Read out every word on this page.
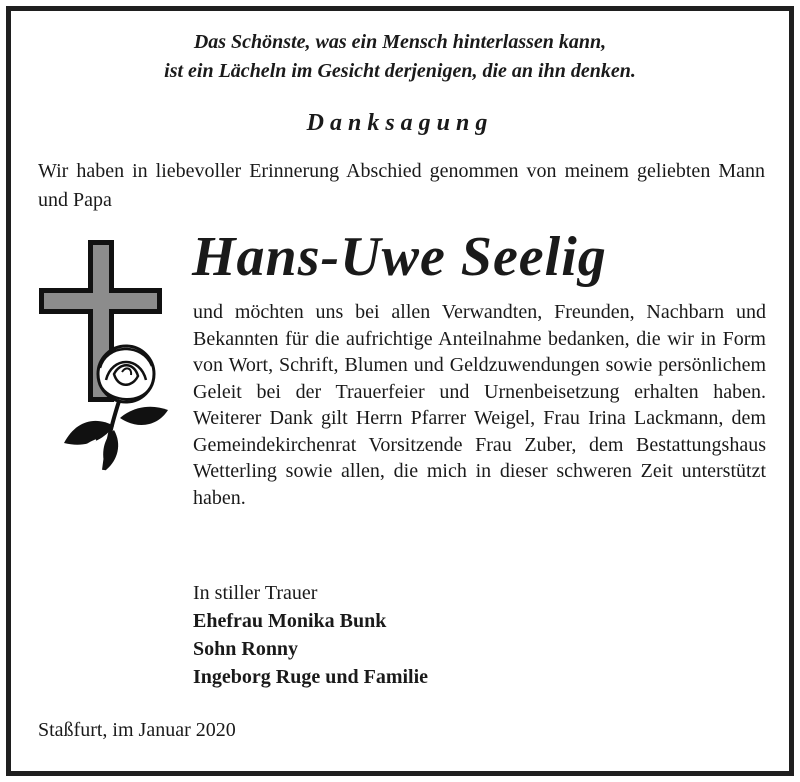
Das Schönste, was ein Mensch hinterlassen kann,
ist ein Lächeln im Gesicht derjenigen, die an ihn denken.
Danksagung
Wir haben in liebevoller Erinnerung Abschied genommen von meinem geliebten Mann und Papa
Hans-Uwe Seelig
und möchten uns bei allen Verwandten, Freunden, Nachbarn und Bekannten für die aufrichtige Anteilnahme bedanken, die wir in Form von Wort, Schrift, Blumen und Geldzuwendungen sowie persönlichem Geleit bei der Trauerfeier und Urnenbeisetzung erhalten haben. Weiterer Dank gilt Herrn Pfarrer Weigel, Frau Irina Lackmann, dem Gemeindekirchenrat Vorsitzende Frau Zuber, dem Bestattungshaus Wetterling sowie allen, die mich in dieser schweren Zeit unterstützt haben.
In stiller Trauer
Ehefrau Monika Bunk
Sohn Ronny
Ingeborg Ruge und Familie
Staßfurt, im Januar 2020
